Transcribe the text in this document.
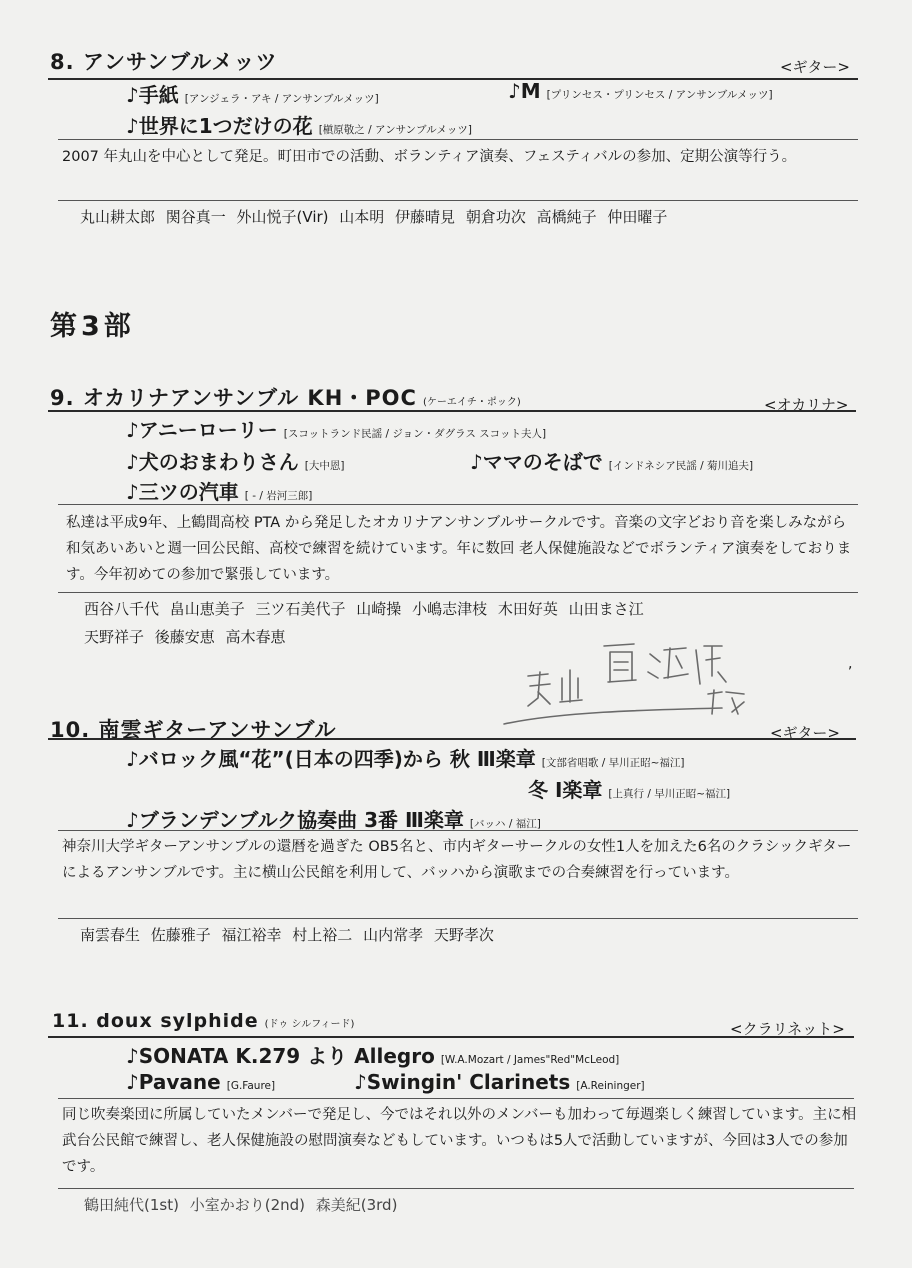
8. アンサンブルメッツ	<ギター>
♪手紙 [アンジェラ・アキ / アンサンブルメッツ]	♪M [プリンセス・プリンセス / アンサンブルメッツ]
♪世界に1つだけの花 [槇原敬之 / アンサンブルメッツ]
2007 年丸山を中心として発足。町田市での活動、ボランティア演奏、フェスティバルの参加、定期公演等行う。
丸山耕太郎 関谷真一 外山悦子(Vir) 山本明 伊藤晴見 朝倉功次 高橋純子 仲田曜子
第3部
9. オカリナアンサンブル KH・POC (ケーエイチ・ポック)	<オカリナ>
♪アニーローリー [スコットランド民謡 / ジョン・ダグラス スコット夫人]
♪犬のおまわりさん [大中恩]	♪ママのそばで [インドネシア民謡 / 菊川追夫]
♪三ツの汽車 [ - / 岩河三郎]
私達は平成9年、上鶴間高校 PTA から発足したオカリナアンサンブルサークルです。音楽の文字どおり音を楽しみながら和気あいあいと週一回公民館、高校で練習を続けています。年に数回 老人保健施設などでボランティア演奏をしております。今年初めての参加で緊張しています。
西谷八千代 畠山恵美子 三ツ石美代子 山崎操 小嶋志津枝 木田好英 山田まさ江
天野祥子 後藤安恵 高木春恵
,
10. 南雲ギターアンサンブル	<ギター>
♪バロック風“花”(日本の四季)から 秋 Ⅲ楽章 [文部省唱歌 / 早川正昭~福江]
冬 Ⅰ楽章 [上真行 / 早川正昭~福江]
♪ブランデンブルク協奏曲 3番 Ⅲ楽章 [バッハ / 福江]
神奈川大学ギターアンサンブルの還暦を過ぎた OB5名と、市内ギターサークルの女性1人を加えた6名のクラシックギターによるアンサンブルです。主に横山公民館を利用して、バッハから演歌までの合奏練習を行っています。
南雲春生 佐藤雅子 福江裕幸 村上裕二 山内常孝 天野孝次
11. doux sylphide (ドゥ シルフィード)	<クラリネット>
♪SONATA K.279 より Allegro [W.A.Mozart / James"Red"McLeod]
♪Pavane [G.Faure]	♪Swingin' Clarinets [A.Reininger]
同じ吹奏楽団に所属していたメンバーで発足し、今ではそれ以外のメンバーも加わって毎週楽しく練習しています。主に相武台公民館で練習し、老人保健施設の慰問演奏などもしています。いつもは5人で活動していますが、今回は3人での参加です。
鶴田純代(1st) 小室かおり(2nd) 森美紀(3rd)
